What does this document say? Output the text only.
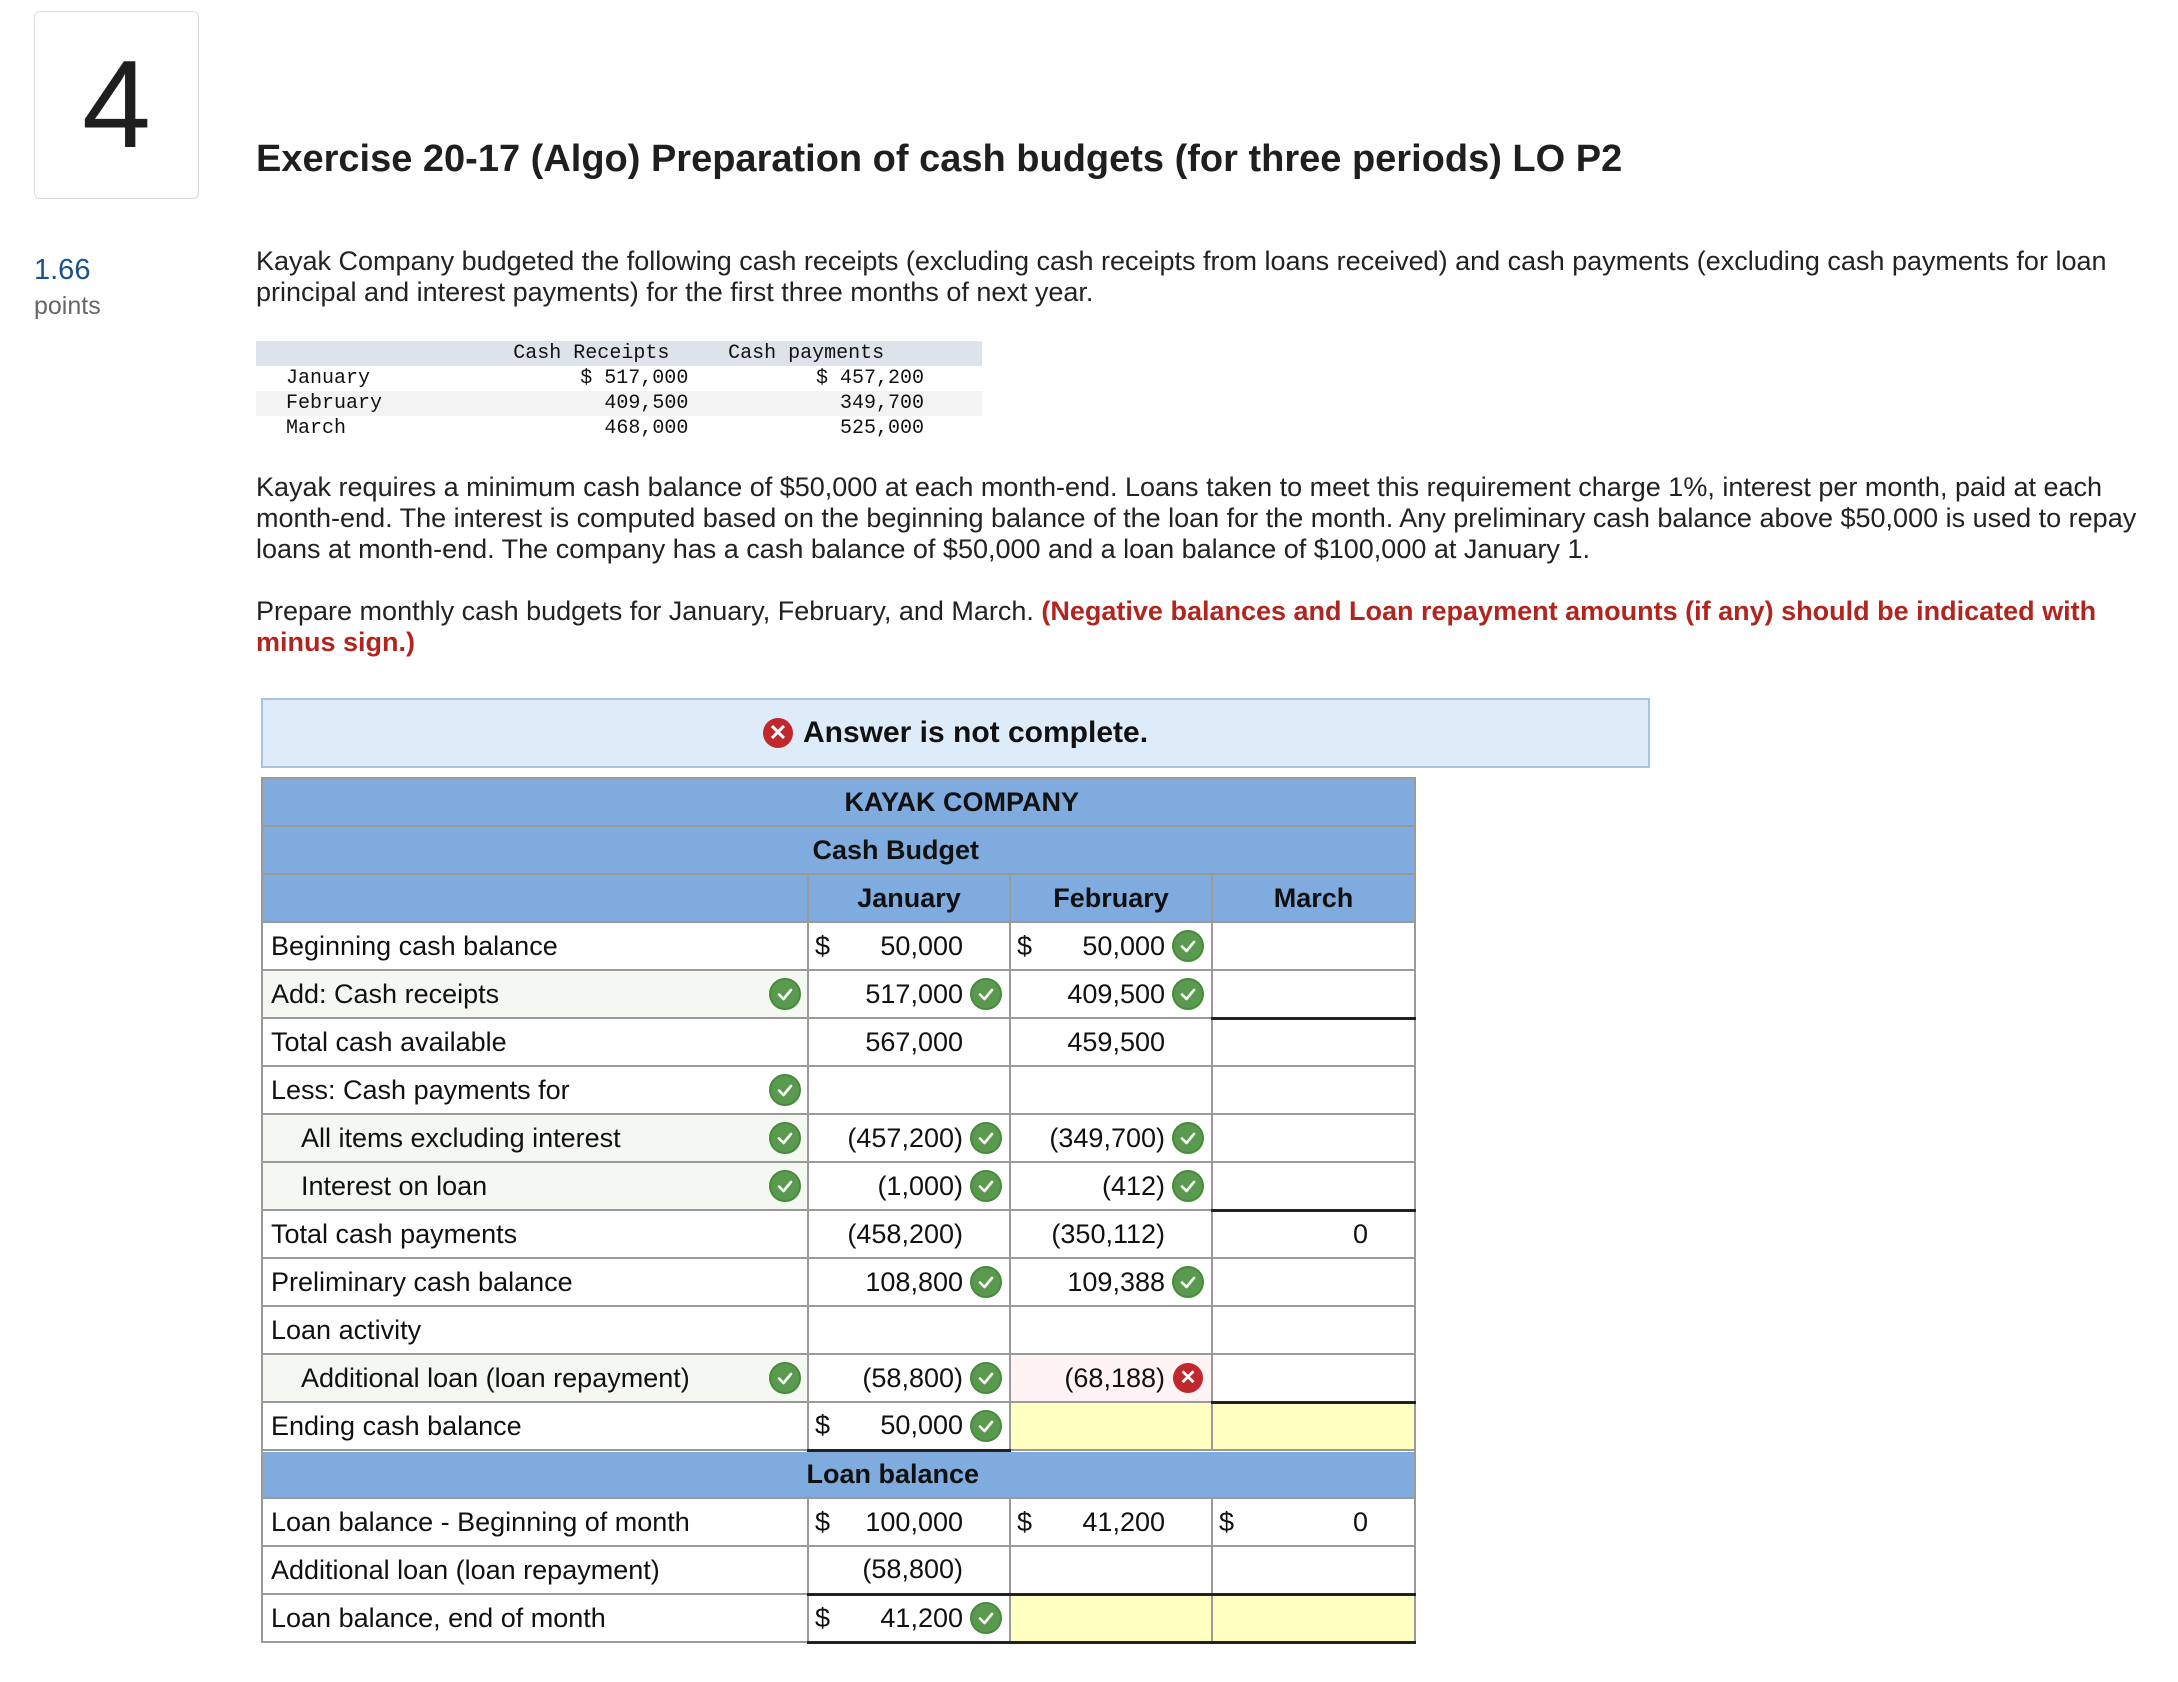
4
1.66
points
Exercise 20-17 (Algo) Preparation of cash budgets (for three periods) LO P2
Kayak Company budgeted the following cash receipts (excluding cash receipts from loans received) and cash payments (excluding cash payments for loan principal and interest payments) for the first three months of next year.
	Cash Receipts	Cash payments	
January	$ 517,000	$ 457,200	
February	409,500	349,700	
March	468,000	525,000	
Kayak requires a minimum cash balance of $50,000 at each month-end. Loans taken to meet this requirement charge 1%, interest per month, paid at each month-end. The interest is computed based on the beginning balance of the loan for the month. Any preliminary cash balance above $50,000 is used to repay loans at month-end. The company has a cash balance of $50,000 and a loan balance of $100,000 at January 1.
Prepare monthly cash budgets for January, February, and March. (Negative balances and Loan repayment amounts (if any) should be indicated with minus sign.)
✕ Answer is not complete.
KAYAK COMPANY				

Cash Budget				

		January	February	March
Beginning cash balance		$ 50,000	$ 50,000	

Add: Cash receipts		517,000	409,500	

Total cash available		567,000	459,500	

Less: Cash payments for	

All items excluding interest		(457,200)	(349,700)	

Interest on loan		(1,000)	(412)	

Total cash payments		(458,200)	(350,112)	0

Preliminary cash balance		108,800	109,388	

Loan activity				
Additional loan (loan repayment)		(58,800)	(68,188) ✕	

Ending cash balance		$ 50,000		

Loan balance				

Loan balance - Beginning of month		$ 100,000	$ 41,200	$ 0

Additional loan (loan repayment)		(58,800)		

Loan balance, end of month		$ 41,200		
